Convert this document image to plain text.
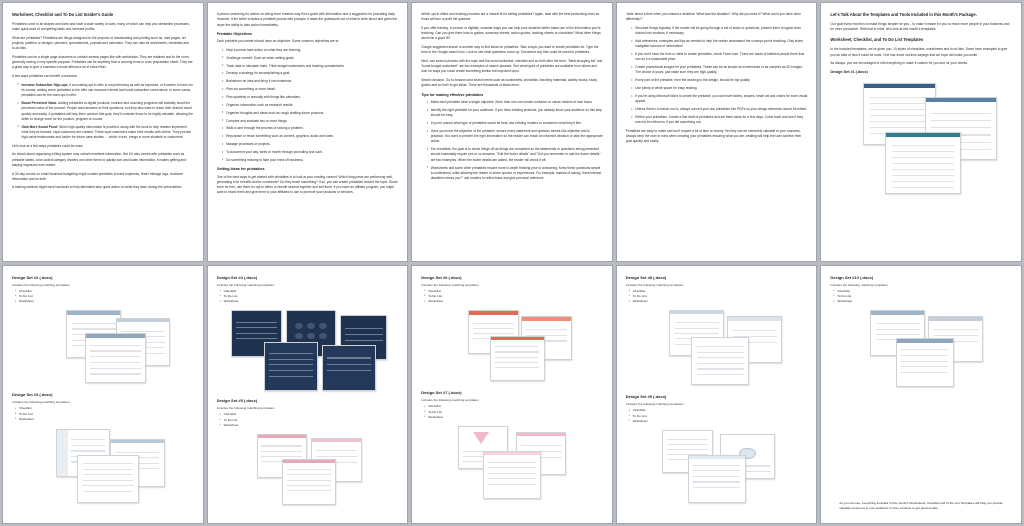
Worksheet, Checklist and To Do List Insider's Guide

Printables come in all shapes and sizes and have a wide variety of uses, many of which can help you streamline processes, make quick work of completing tasks and increase profits.

What are printables? Printables are things designed for the purpose of downloading and printing such as, note pages, art projects, patterns or designs, planners, spreadsheets, journals and calendars. They can also be worksheets, checklists and to-do lists.

Printables can be a single page document or contain several pages like with workbooks. They are retained and to the norm, generally having a very specific purpose. Printables can be anything from a coloring book to a tax preparation sheet. They are a great way to give a business a boost without a lot of extra effort.

A few ways printables can benefit a business:

• Increase Subscriber Sign-ups. If an existing opt-in offer is not performing as well as expected, or it seems to have run its course, adding some printables to the offer can increase interest and boost subscriber conversions. In some cases, printables can be the main opt-in offer.
• Boost Perceived Value. Adding printables to digital products, courses and coaching programs will instantly boost the perceived value of the product. People want answers to their questions, but they also want to reach their desired result quickly and easily. If printables will help them achieve that goal, they'll consider those to be highly valuable, allowing the seller to charge more for the product, program or course.
• Gain More Social Proof. When high-quality information is provided, along with the tools to help readers implement what they've learned, loyal customers are created. These loyal customers share their results with others. They provide high-value testimonials and fodder for future case studies … which in turn, brings in more students or customers.

Let's look at a few ways printables could be used.

An ebook about organizing a filing system may contain excellent information. But if it also comes with printables such as printable labels, color-coded category dividers and other items to quickly sort and locate information, it makes getting and staying organized even easier.

A 30-day course on email business budgeting might contain printables to track expenses, fewer mileage logs, customer information and so forth.

A training webinar might have handouts to help attendees take quick action on what they learn during the presentation.

A person searching for advice on being more creative may find a guide with information and a suggestion for journaling daily. However, if the seller includes a printable journal with prompts, it takes the guesswork out of what to write about and gives the buyer the ability to take action immediately.

Printable Objectives

Each printable you create should have an objective. Some common objectives are to:

• Help a person take action on what they are learning.
• Challenge oneself. Such as when setting goals.
• Track data or calculate math. Think budget worksheets and tracking spreadsheets.
• Develop a strategy for accomplishing a goal.
• Brainstorm an idea and bring it into existence.
• Plan out something or more detail.
• Plan quarterly or annually with things like calendars.
• Organize information such as research results.
• Organize thoughts and ideas such as rough drafting future products.
• Compare and evaluate two or more things.
• Walk a user through the process of solving a problem.
• Repurpose or reuse something such as content, graphics, audio and video.
• Manage processes or projects.
• To document your day, week or month through journaling and such.
• Do something relaxing to take your mind off business.
Getting Ideas for printables

One of the best ways to get started with printables is to look at your existing content. Which blog posts are performing well, generating a lot of traffic and/or comments? Do they teach something? If so, you can create printables around the topic. Share them for free, use them for opt-in offers or bundle several together and sell them. If you have an affiliate program, you might want to brand them and give them to your affiliates to use to promote your products or services.

Which opt-in offers and existing products are a natural fit for selling printables? Again, start with the best performing ones as those will turn a profit the quickest.

If you offer training, in person or digitally, consider ways you can help your students better make use of the information you're teaching. Can you give them how-to guides, summary sheets, action guides, tracking sheets or checklists? What other things would be a good fit?

Google suggested search is another way to find ideas for printables. Take a topic you want to create printables for. Type the term in the Google search box. Look to see what questions come up. Document any that could be used for printables.

Next, use search phrases with the topic and the word worksheet, checklist and so forth after the term. "Meal shopping list" and "home budget worksheet" are two examples of search phrases. See what types of printables are available from others and look for ways you could create something similar but improved upon.

Search Amazon. Go to Amazon and search terms such as worksheets, checklists, teaching materials, activity books, study guides and so forth to get ideas. There are thousands of ideas there.

Tips for making effective printables
• Make each printable have a single objective. More than one can create confusion or cause readers to lose focus.
• Identify the right printable for your audience. If you have existing products, you already know your audience so this step should be easy.
• If you're unsure what type of printables would be best, ask existing readers or customers what they'd like.
• Once you know the objective of the printable, ensure every statement and question serves this objective and is practical. You want to present the right information so the reader can reach an informed decision or take the appropriate action.
• For checklists, the goal is to check things off as things are completed so the statements or questions being presented should essentially require yes or no answers. "Edit the footer details" and "Did you remember to add the footer details" are two examples. When the footer details are added, the reader will check it off.
• Worksheets and some other printables require more in-depth thinking prior to answering. Keep these questions simple to understand, while allowing the reader to share opinion or experiences. For example, instead of asking "does interest deadlines stress you?" ask readers to reflect back and give personal reference.

"write about a time when you missed a deadline. What was the situation? Why did you miss it? What could you have done differently?"

• Structure things logically. If the reader will be going through a set of steps or questions, present them a logical order divided into sections, if necessary.
• Add references, examples and tips as needed to help the reader understand the concept you're teaching. Only share navigable sources of information!
• If you don't have the time or skills to create printables, check Fiverr.com. There are loads of talented people there that can do it a reasonable price.
• Create promotional images for your printables. These can be as simple as screenshots or as complex as 3D images. The choice is yours, just make sure they are high-quality.
• Every part of the printable, from the wording to the design, should be top quality.
• Use plenty of white space for easy reading.
• If you're using Microsoft Word to create the printable, you can insert tables, shapes, smart art and charts for more visual appeal.
• Unless there's a reason not to, always convert your doc printables into PDFs so your design elements cannot be edited.
• Refine your printables. Create a first draft of printables and set them aside for a few days. Come back and see if they need to be refined or if you left something out.

Printables are easy to make and don't require a lot of time or money. Yet they can be extremely valuable to your business. Always keep the user in mind when creating your printables ensuring what you are creating will help the user achieve their goal quickly and easily.

Let's Talk About the Templates and Tools Included in this Month's Package.

Our goal every month is to make things simpler for you…to make it easier for you to reach more people in your business and be more productive. With that in mind, let's look at this month's templates.

Worksheet, Checklist, and To Do List Templates

In the included templates, we've given you, 10 styles of checklists, worksheets and to do lists. Some have examples to give you an idea of how it could be used. One has some old-time sayings that we hope will make you smile.

As always, you are encouraged to edit everything to make it custom for you and /or your clients.

Design Set #1 (.docx)
Design Set #2 (.docx)
Includes the following matching templates:
• Checklist
• To Do List
• Worksheet
Design Set #3 (.docx)
Includes the following matching templates:
• Checklist
• To Do List
• Worksheet
Design Set #4 (.docx)
Includes the following matching templates:
• Checklist
• To Do List
• Worksheet
Design Set #5 (.docx)
Includes the following matching templates:
• Checklist
• To Do List
• Worksheet
Design Set #6 (.docx)
Includes the following matching templates:
• Checklist
• To Do List
• Worksheet
Design Set #7 (.docx)
Includes the following matching templates:
• Checklist
• To Do List
• Worksheet
Design Set #8 (.docx)
Includes the following matching templates:
• Checklist
• To Do List
• Worksheet
Design Set #9 (.docx)
Includes the following matching templates:
• Checklist
• To Do List
• Worksheet
Design Set #10 (.docx)
Includes the following matching templates:
• Checklist
• To Do List
• Worksheet
As you can see, everything included in this month's Worksheets, Checklist and To Do List Templates will help you provide valuable resources to your audience so they continue to get great results.
